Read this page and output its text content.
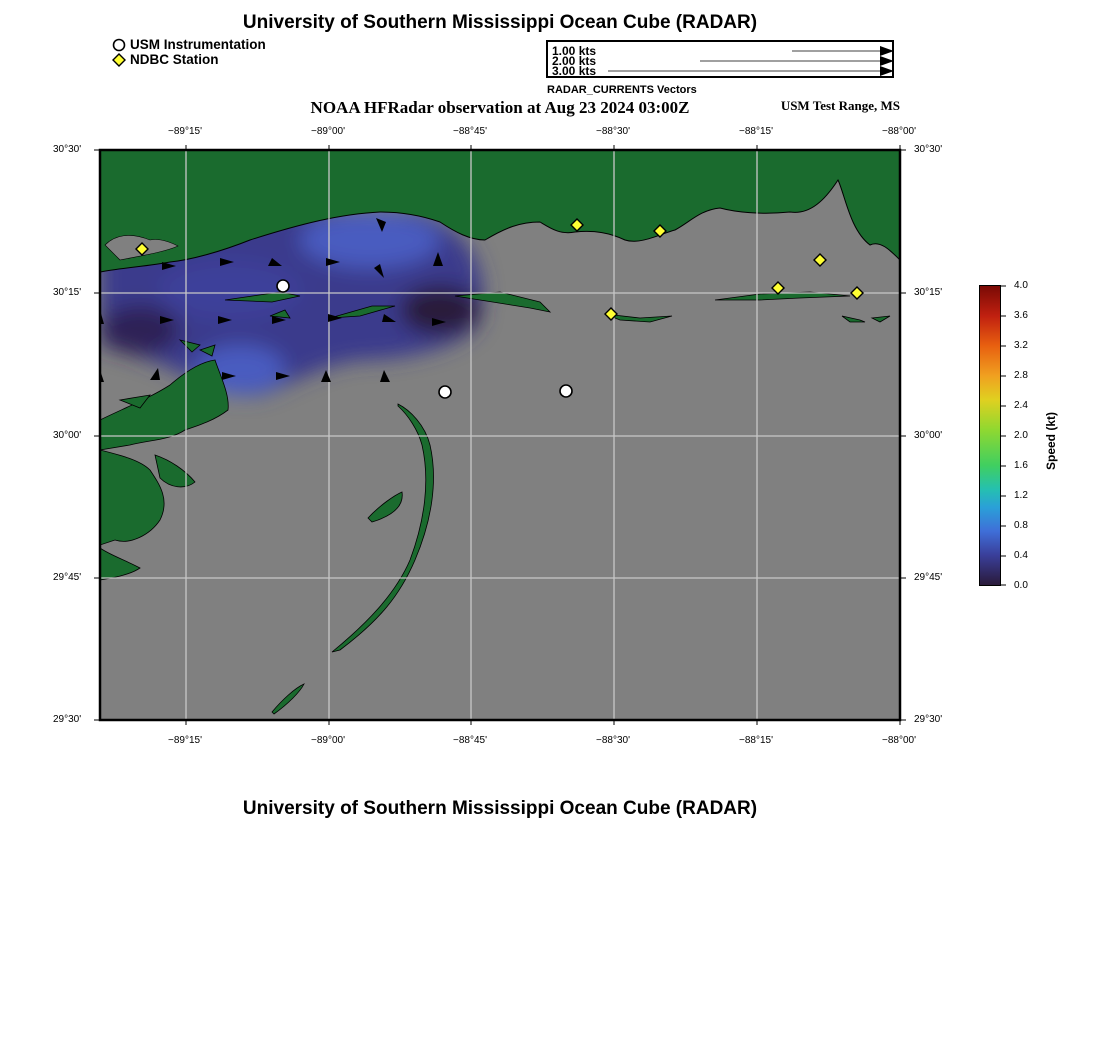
University of Southern Mississippi Ocean Cube (RADAR)
USM Instrumentation
NDBC Station
1.00 kts
2.00 kts
3.00 kts
RADAR_CURRENTS Vectors
NOAA HFRadar observation at Aug 23 2024 03:00Z	USM Test Range, MS
−89°15'	−89°00'	−88°45'	−88°30'	−88°15'	−88°00'
−89°15'	−89°00'	−88°45'	−88°30'	−88°15'	−88°00'
30°30'
30°15'
30°00'
29°45'
29°30'
30°30'
30°15'
30°00'
29°45'
29°30'
4.0
3.6
3.2
2.8
2.4
2.0
1.6
1.2
0.8
0.4
0.0
Speed (kt)
University of Southern Mississippi Ocean Cube (RADAR)
